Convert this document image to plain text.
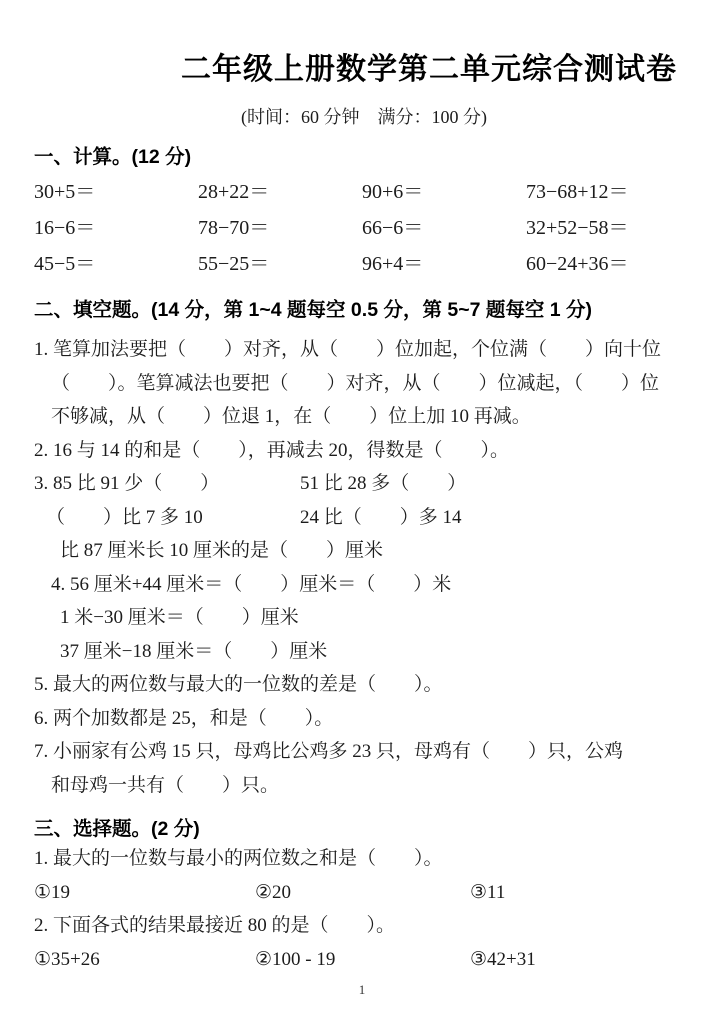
二年级上册数学第二单元综合测试卷
(时间：60 分钟　满分：100 分)
一、计算。(12 分)
30+5＝	28+22＝	90+6＝	73−68+12＝
16−6＝	78−70＝	66−6＝	32+52−58＝
45−5＝	55−25＝	96+4＝	60−24+36＝
二、填空题。(14 分，第 1~4 题每空 0.5 分，第 5~7 题每空 1 分)
1. 笔算加法要把（　　）对齐，从（　　）位加起，个位满（　　）向十位
（　　）。笔算减法也要把（　　）对齐，从（　　）位减起，（　　）位
不够减，从（　　）位退 1，在（　　）位上加 10 再减。
2. 16 与 14 的和是（　　），再减去 20，得数是（　　）。
3. 85 比 91 少（　　）	51 比 28 多（　　）
（　　）比 7 多 10	24 比（　　）多 14
比 87 厘米长 10 厘米的是（　　）厘米
4. 56 厘米+44 厘米＝（　　）厘米＝（　　）米
1 米−30 厘米＝（　　）厘米
37 厘米−18 厘米＝（　　）厘米
5. 最大的两位数与最大的一位数的差是（　　）。
6. 两个加数都是 25，和是（　　）。
7. 小丽家有公鸡 15 只，母鸡比公鸡多 23 只，母鸡有（　　）只，公鸡
和母鸡一共有（　　）只。
三、选择题。(2 分)
1. 最大的一位数与最小的两位数之和是（　　）。
①19	②20	③11
2. 下面各式的结果最接近 80 的是（　　）。
①35+26	②100 - 19	③42+31
1
